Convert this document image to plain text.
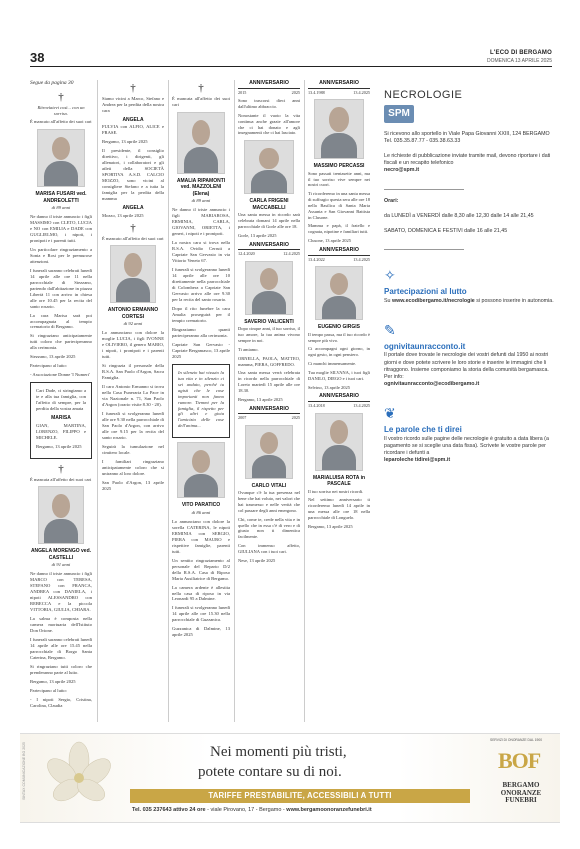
38	L'ECO DI BERGAMO
DOMENICA 13 APRILE 2025
Segue da pagina 30
†
Ritrovìatevi così... con un sorriso.

È mancato all'affetto dei suoi cari

MARISA FUSARI ved. ANDREOLETTI
di 89 anni

Ne danno il triste annuncio i figli MASSIMO con CLETO, LUCIA e NO con EMILIA e DADE con GUGLIELMO, i nipoti, i pronipoti e i parenti tutti.

Un particolare ringraziamento a Sonia e Rosi per le premurose attenzioni.

I funerali saranno celebrati lunedì 14 aprile alle ore 11 nella parrocchiale di Stezzano, partendo dall'abitazione in piazza Libertà 11 con arrivo in chiesa alle ore 10.45 per la recita del santo rosario.

La cara Marisa sarà poi accompagnata al tempio crematorio di Bergamo.

Si ringraziano anticipatamente tutti coloro che parteciperanno alla cerimonia.

Stezzano, 13 aprile 2025

Partecipano al lutto:

- Associazione Donne 'I Numeri'

Cari Dade, ci stringiamo a te e alla tua famiglia, con l'affetto di sempre, per la perdita della vostra amata

MARISA

GIAN, MARTINA, LORENZO, FILIPPO e MICHELE.

Bergamo, 13 aprile 2025

†

È mancata all'affetto dei suoi cari

ANGELA MORENGO ved. CASTELLI
di 91 anni

Ne danno il triste annuncio i figli MARCO con TERESA, STEFANO con FRANCA, ANDREA con DANIELA, i nipoti ALESSANDRO con REBECCA e la piccola VITTORIA, GIULIA, CHIARA.

La salma è composta nella camera mortuaria dell'Istituto Don Orione.

I funerali saranno celebrati lunedì 14 aprile alle ore 15.45 nella parrocchiale di Borgo Santa Caterina, Bergamo.

Si ringraziano tutti coloro che prenderanno parte al lutto.

Bergamo, 13 aprile 2025

Partecipano al lutto:

- I nipoti Sergio, Cristina, Carolina, Claudia

†

Siamo vicini a Marco, Stefano e Andrea per la perdita della nostra cara

ANGELA

FULVIA con ALFIO, ALICE e FRASE.

Bergamo, 13 aprile 2025

Il presidente, il consiglio direttivo, i dirigenti, gli allenatori, i collaboratori e gli atleti della SOCIETÀ SPORTIVA A.S.D. CALCIO MOZZO, sono vicini al consigliere Stefano e a tutta la famiglia per la perdita della mamma

ANGELA

Mozzo, 13 aprile 2025

†

È mancato all'affetto dei suoi cari

ANTONIO ERMANNO CORTESI
di 92 anni

Lo annunciano con dolore la moglie LUCIA, i figli IVONNE e OLIVIERO, il genero MARIO, i nipoti, i pronipoti e i parenti tutti.

Si ringrazia il personale della R.S.A. San Paolo d'Argon, Sacra Famiglia.

Il caro Antonio Ermanno si trova nella Casa Funeraria La Pace in via Nazionale n. 71, San Paolo d'Argon (orario visite 8.30 - 20).

I funerali si svolgeranno lunedì alle ore 9.30 nella parrocchiale di San Paolo d'Argon, con arrivo alle ore 9.15 per la recita del santo rosario.

Seguirà la tumulazione nel cimitero locale.

I familiari ringraziano anticipatamente coloro che si uniranno al loro dolore.

San Paolo d'Argon, 13 aprile 2025

†

È mancata all'affetto dei suoi cari

AMALIA RIPAMONTI ved. MAZZOLENI (Elena)
di 89 anni

Ne danno il triste annuncio i figli MARIAROSA, ERMINIA, CARLA, GIOVANNI, ORIETTA, i generi, i nipoti e i pronipoti.

La nostra cara si trova nella R.S.A. Ovidio Cerruti a Capriate San Gervasio in via Vittorio Veneto 67.

I funerali si svolgeranno lunedì 14 aprile alle ore 10 direttamente nella parrocchiale di Colombera a Capriate San Gervasio arrivo alle ore 9.30 per la recita del santo rosario.

Dopo il rito funebre la cara Amalia proseguirà per il tempio crematorio.

Ringraziamo quanti parteciperanno alla cerimonia.

Capriate San Gervasio - Capriate Bergamasco, 13 aprile 2025

In silenzio hai vissuto la tua vita e in silenzio ci sei andato, perché tu agisti che le cose importanti non fanno rumore. Tiemmi per la famiglia, il rispetto per gli altri e gioia l'amicizia delle cose dell'anima...

VITO PARATICO
di 86 anni

Lo annunciano con dolore la sorella CATERINA, le nipoti ERMINIA con SERGIO, PIERA con MAURO e rispettive famiglie, parenti tutti.

Un sentito ringraziamento al personale del Reparto D/2 della R.S.A. Casa di Riposo Maria Ausiliatrice di Bergamo.

La camera ardente è allestita nella casa di riposo in via Leonardi 95 a Dalmine.

I funerali si svolgeranno lunedì 14 aprile alle ore 15.30 nella parrocchiale di Guzzanica.

Guzzanica di Dalmine, 13 aprile 2025

ANNIVERSARIO
2015	2025

Sono trascorsi dieci anni dall'ultimo abbraccio.

Nonostante il vuoto la vita continua anche grazie all'amore che ci hai donato e agli insegnamenti che ci hai lasciato.

CARLA FRIGENI MACCABELLI

Una santa messa in ricordo sarà celebrata domani 14 aprile nella parrocchiale di Gorle alle ore 18.

Gorle, 13 aprile 2025

ANNIVERSARIO
12.4.2020	12.4.2025
SAVERIO VALICENTI

Dopo cinque anni, il tuo sorriso, il tuo amore, la tua anima vivono sempre in noi.

Ti amiamo.

ORNELLA, PAOLA, MATTEO, mamma, PIERA, GOFFREDO.

Una santa messa verrà celebrata in ricordo nella parrocchiale di Loreto martedì 15 aprile alle ore 18.30.

Bergamo, 13 aprile 2025

ANNIVERSARIO
2007	2025
CARLO VITALI

Ovunque c'è la tua presenza nel bene che hai voluto, nei valori che hai trasmesso e nelle verità che col passare degli anni emergono.

Chi, come te, crede nella vita e in quello che in essa c'è di vero e di giusto non ti dimentica facilmente.

Con immenso affetto, GIULIANA con i tuoi cari.

Nese, 13 aprile 2025

ANNIVERSARIO
13.4.1988	13.4.2025
MASSIMO PERCASSI

Sono passati trentasette anni, ma il tuo sorriso vive sempre nei nostri cuori.

Ti ricorderemo in una santa messa di suffragio questa sera alle ore 18 nella Basilica di Santa Maria Assunta e San Giovanni Battista in Clusone.

Mamma e papà, il fratello e cognata, nipotine e familiari tutti.

Clusone, 13 aprile 2025

ANNIVERSARIO
13.4.2022	13.4.2025
EUGENIO GIRGIS

Il tempo passa, ma il tuo ricordo è sempre più vivo.

Ci accompagni ogni giorno, in ogni gesto, in ogni pensiero.

Ci manchi immensamente.

Tua moglie SILVANA, i tuoi figli DANILO, DIEGO e i tuoi cari.

Selvino, 13 aprile 2025

ANNIVERSARIO
13.4.2018	13.4.2025
MARIALUISA ROTA in PASCALE

Il tuo sorriso nei nostri ricordi.

Nel settimo anniversario ti ricorderemo lunedì 14 aprile in una messa alle ore 18 nella parrocchiale di Longuelo.

Bergamo, 13 aprile 2025

NECROLOGIE
SPM

Si ricevono allo sportello in Viale Papa Giovanni XXIII, 124 BERGAMO

Tel. 035.35.87.77 - 035.38.63.33

Le richieste di pubblicazione inviate tramite mail, devono riportare i dati fiscali e un recapito telefonico

necro@spm.it

Orari:

da LUNEDÌ a VENERDÌ dalle 8,30 alle 12,30 dalle 14 alle 21,45

SABATO, DOMENICA E FESTIVI dalle 16 alle 21,45

✧
Partecipazioni al lutto
Su www.ecodibergamo.it/necrologie si possono inserire in autonomia.
✎
ognivitaunracconto.it
Il portale dove trovate le necrologie dei vostri defunti dal 1950 ai nostri giorni e dove potete scrivere le loro storie e inserire le immagini che li ritraggono. Insieme componiamo la storia della comunità bergamasca.
Per info:
ognivitaunracconto@ecodibergamo.it
❦
Le parole che ti direi
Il vostro ricordo sulle pagine delle necrologie è gratuito a data libera (a pagamento se si sceglie una data fissa). Scrivete le vostre parole per ricordare i defunti a
leparoleche tidirei@spm.it
SINTAX COMUNICAZIONE BG 2025	Nei momenti più tristi,
potete contare su di noi.
TARIFFE PRESTABILITE, ACCESSIBILI A TUTTI
Tel. 035 237643 attivo 24 ore - viale Pirovano, 17 - Bergamo - www.bergamoonoranzefunebri.it
SERVIZI DI ONORANZE DAL 1900
BOF
BERGAMO ONORANZE FUNEBRI
